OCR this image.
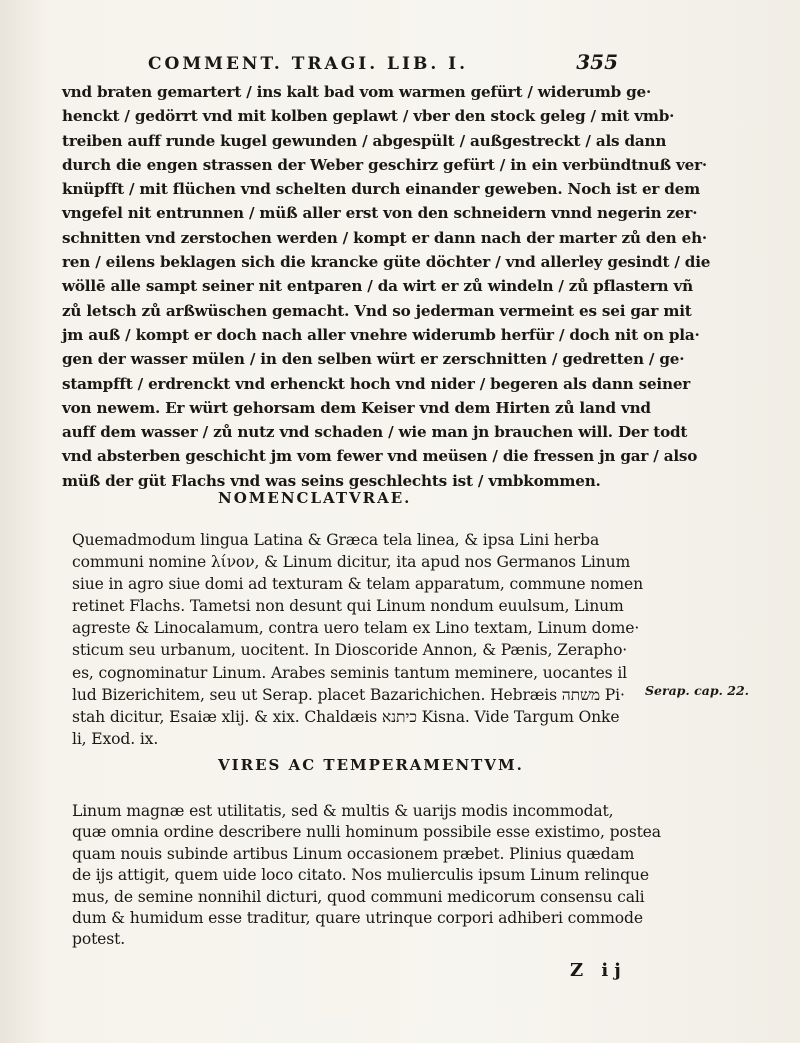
COMMENT. TRAGI. LIB. I.	355
vnd braten gemartert / ins kalt bad vom warmen gefürt / widerumb ge·
henckt / gedörrt vnd mit kolben geplawt / vber den stock geleg / mit vmb·
treiben auff runde kugel gewunden / abgespült / außgestreckt / als dann
durch die engen strassen der Weber geschirz gefürt / in ein verbündtnuß ver·
knüpfft / mit flüchen vnd schelten durch einander geweben. Noch ist er dem
vngefel nit entrunnen / müß aller erst von den schneidern vnnd negerin zer·
schnitten vnd zerstochen werden / kompt er dann nach der marter zů den eh·
ren / eilens beklagen sich die krancke güte döchter / vnd allerley gesindt / die
wöllē alle sampt seiner nit entparen / da wirt er zů windeln / zů pflastern vñ
zů letsch zů arßwüschen gemacht. Vnd so jederman vermeint es sei gar mit
jm auß / kompt er doch nach aller vnehre widerumb herfür / doch nit on pla·
gen der wasser mülen / in den selben würt er zerschnitten / gedretten / ge·
stampfft / erdrenckt vnd erhenckt hoch vnd nider / begeren als dann seiner
von newem. Er würt gehorsam dem Keiser vnd dem Hirten zů land vnd
auff dem wasser / zů nutz vnd schaden / wie man jn brauchen will. Der todt
vnd absterben geschicht jm vom fewer vnd meüsen / die fressen jn gar / also
müß der güt Flachs vnd was seins geschlechts ist / vmbkommen.
NOMENCLATVRAE.
Quemadmodum lingua Latina & Græca tela linea, & ipsa Lini herba
communi nomine λίνον, & Linum dicitur, ita apud nos Germanos Linum
siue in agro siue domi ad texturam & telam apparatum, commune nomen
retinet Flachs. Tametsi non desunt qui Linum nondum euulsum, Linum
agreste & Linocalamum, contra uero telam ex Lino textam, Linum dome·
sticum seu urbanum, uocitent. In Dioscoride Annon, & Pænis, Zerapho·
es, cognominatur Linum. Arabes seminis tantum meminere, uocantes il
lud Bizerichitem, seu ut Serap. placet Bazarichichen. Hebræis משתה Pi·
stah dicitur, Esaiæ xlij. & xix. Chaldæis כיתנא Kisna. Vide Targum Onke
li, Exod. ix.
Serap. cap. 22.
VIRES AC TEMPERAMENTVM.
Linum magnæ est utilitatis, sed & multis & uarijs modis incommodat,
quæ omnia ordine describere nulli hominum possibile esse existimo, postea
quam nouis subinde artibus Linum occasionem præbet. Plinius quædam
de ijs attigit, quem uide loco citato. Nos mulierculis ipsum Linum relinque
mus, de semine nonnihil dicturi, quod communi medicorum consensu cali
dum & humidum esse traditur, quare utrinque corpori adhiberi commode
potest.
Z ij
